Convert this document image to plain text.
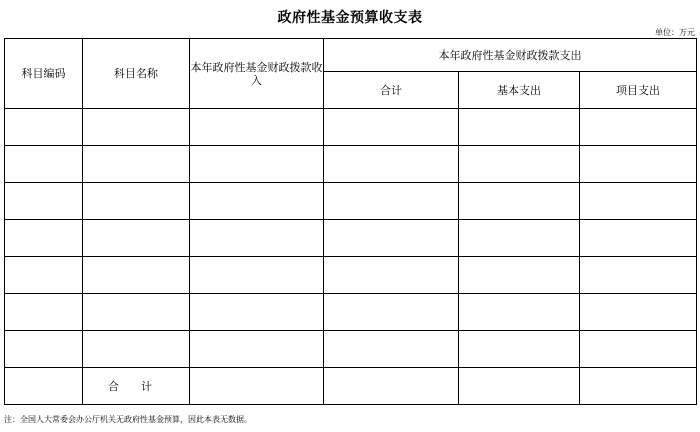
政府性基金预算收支表
单位：万元
科目编码	科目名称	本年政府性基金财政拨款收入	本年政府性基金财政拨款支出		
			合计	基本支出	项目支出

	合计				
注：全国人大常委会办公厅机关无政府性基金预算，因此本表无数据。
